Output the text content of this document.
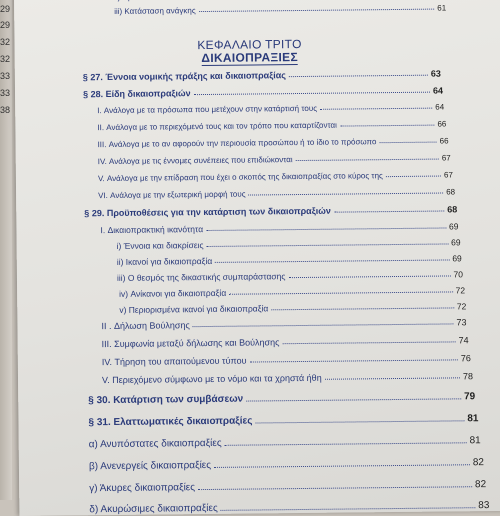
29
29
32
32
33
33
38
iii) Κατάσταση ανάγκης	61
ΚΕΦΑΛΑΙΟ ΤΡΙΤΟ
ΔΙΚΑΙΟΠΡΑΞΙΕΣ
§ 27. Έννοια νομικής πράξης και δικαιοπραξίας	63
§ 28. Είδη δικαιοπραξιών	64
I. Ανάλογα με τα πρόσωπα που μετέχουν στην κατάρτισή τους	64
II. Ανάλογα με το περιεχόμενό τους και τον τρόπο που καταρτίζονται	66
III. Ανάλογα με το αν αφορούν την περιουσία προσώπου ή το ίδιο το πρόσωπο	66
IV. Ανάλογα με τις έννομες συνέπειες που επιδιώκονται	67
V. Ανάλογα με την επίδραση που έχει ο σκοπός της δικαιοπραξίας στο κύρος της	67
VI. Ανάλογα με την εξωτερική μορφή τους	68
§ 29. Προϋποθέσεις για την κατάρτιση των δικαιοπραξιών	68
I. Δικαιοπρακτική ικανότητα	69
i) Έννοια και διακρίσεις	69
ii) Ικανοί για δικαιοπραξία	69
iii) Ο θεσμός της δικαστικής συμπαράστασης	70
iv) Ανίκανοι για δικαιοπραξία	72
v) Περιορισμένα ικανοί για δικαιοπραξία	72
II . Δήλωση Βούλησης	73
III. Συμφωνία μεταξύ δήλωσης και Βούλησης	74
IV. Τήρηση του απαιτούμενου τύπου	76
V. Περιεχόμενο σύμφωνο με το νόμο και τα χρηστά ήθη	78
§ 30. Κατάρτιση των συμβάσεων	79
§ 31. Ελαττωματικές δικαιοπραξίες	81
α) Ανυπόστατες δικαιοπραξίες	81
β) Ανενεργείς δικαιοπραξίες	82
γ) Άκυρες δικαιοπραξίες	82
δ) Ακυρώσιμες δικαιοπραξίες	83
